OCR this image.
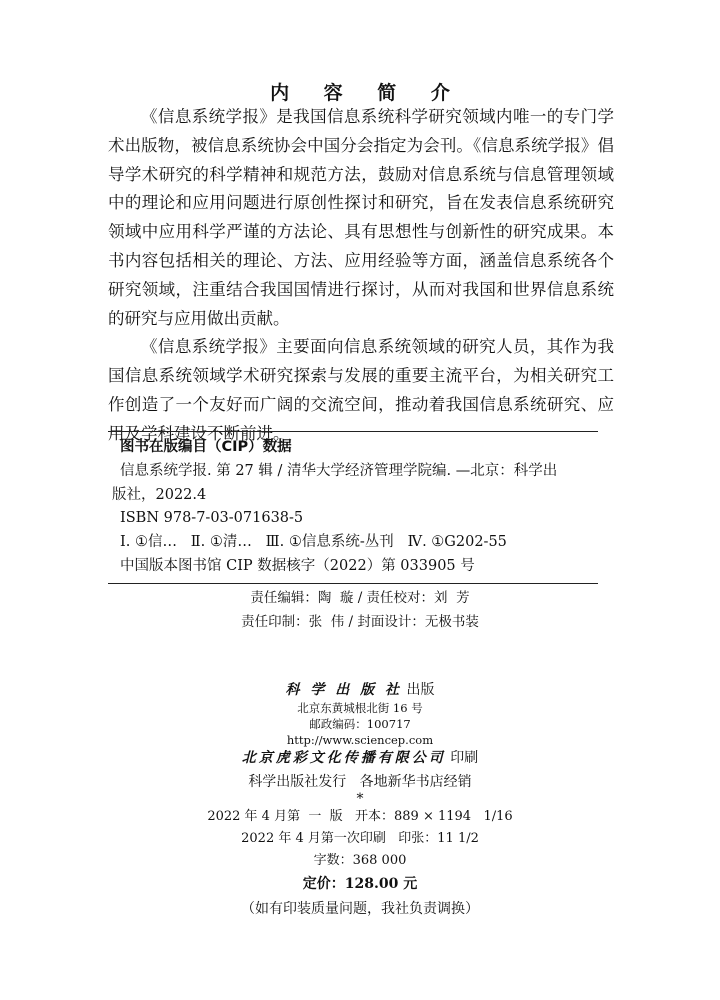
内 容 简 介

《信息系统学报》是我国信息系统科学研究领域内唯一的专门学术出版物，被信息系统协会中国分会指定为会刊。《信息系统学报》倡导学术研究的科学精神和规范方法，鼓励对信息系统与信息管理领域中的理论和应用问题进行原创性探讨和研究，旨在发表信息系统研究领域中应用科学严谨的方法论、具有思想性与创新性的研究成果。本书内容包括相关的理论、方法、应用经验等方面，涵盖信息系统各个研究领域，注重结合我国国情进行探讨，从而对我国和世界信息系统的研究与应用做出贡献。

《信息系统学报》主要面向信息系统领域的研究人员，其作为我国信息系统领域学术研究探索与发展的重要主流平台，为相关研究工作创造了一个友好而广阔的交流空间，推动着我国信息系统研究、应用及学科建设不断前进。

图书在版编目（CIP）数据
信息系统学报. 第 27 辑 / 清华大学经济管理学院编. —北京：科学出
版社，2022.4
ISBN 978-7-03-071638-5
Ⅰ. ①信…   Ⅱ. ①清…   Ⅲ. ①信息系统-丛刊   Ⅳ. ①G202-55
中国版本图书馆 CIP 数据核字（2022）第 033905 号
责任编辑：陶  璇 / 责任校对：刘  芳
责任印制：张  伟 / 封面设计：无极书装
科 学 出 版 社 出版
北京东黄城根北街 16 号
邮政编码：100717
http://www.sciencep.com
北京虎彩文化传播有限公司 印刷
科学出版社发行   各地新华书店经销
*
2022 年 4 月第  一  版   开本：889 × 1194   1/16
2022 年 4 月第一次印刷   印张：11 1/2
字数：368 000
定价：128.00 元
（如有印装质量问题，我社负责调换）
